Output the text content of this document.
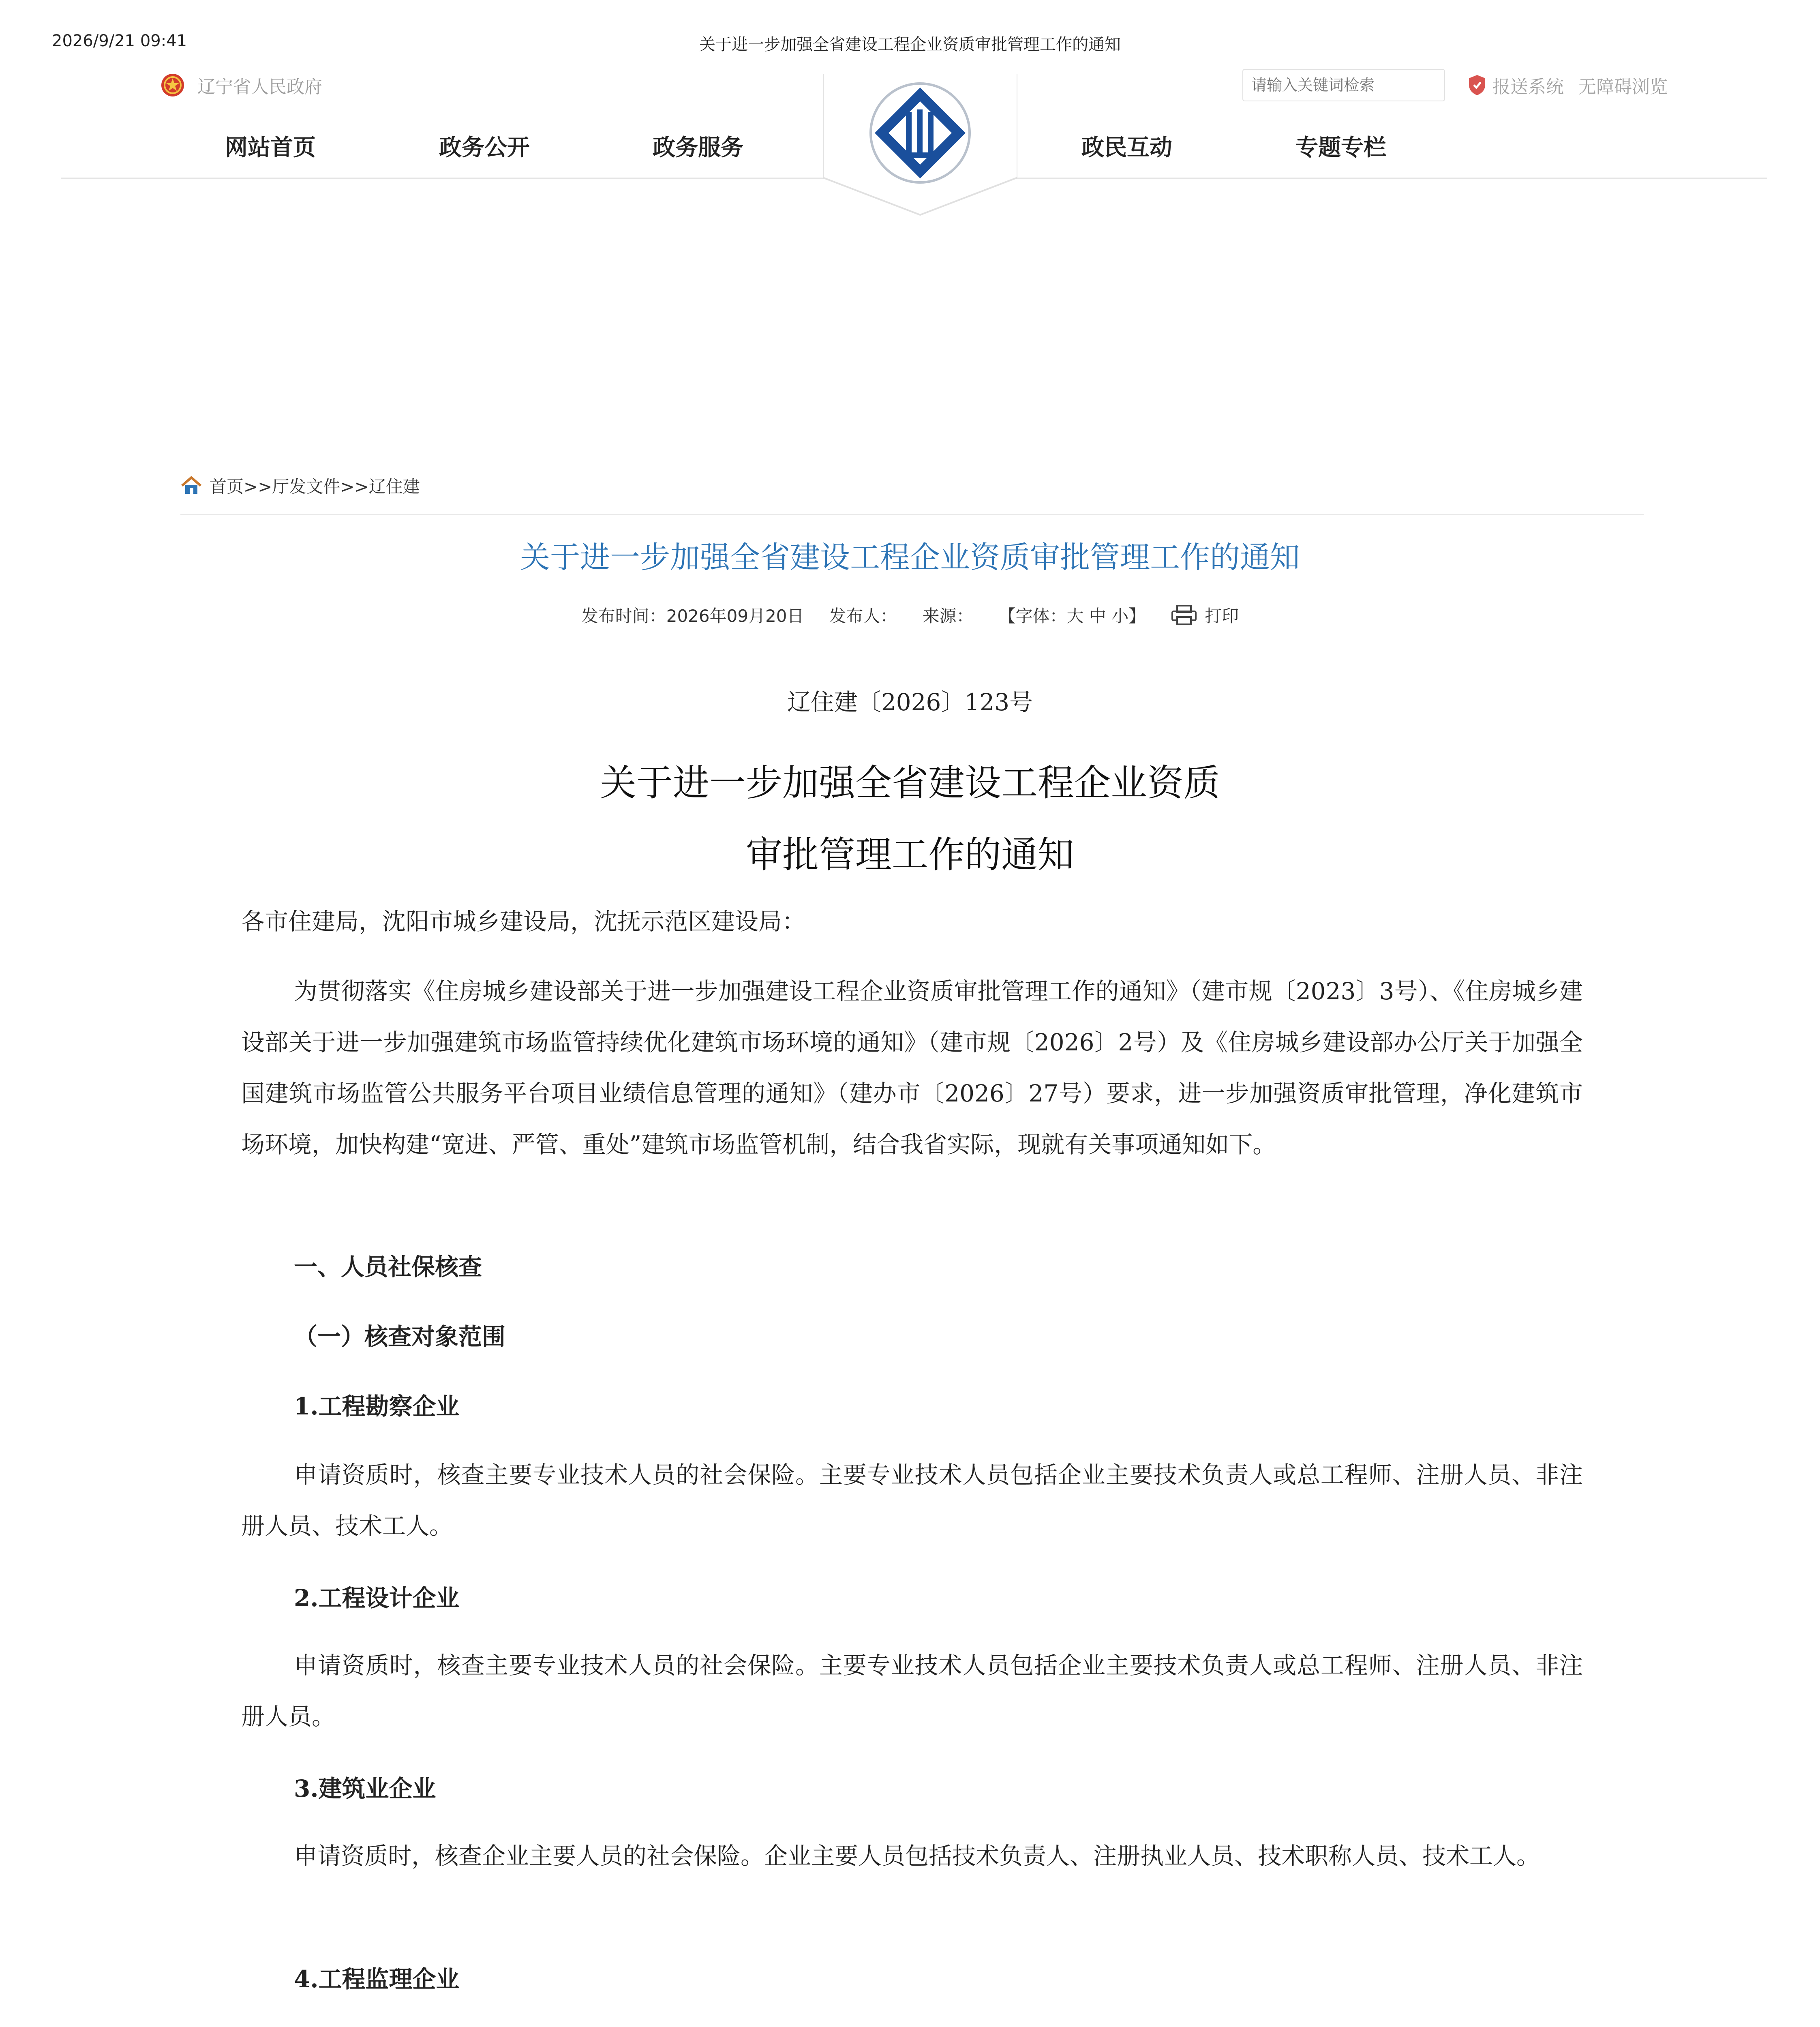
2026/9/21 09:41	关于进一步加强全省建设工程企业资质审批管理工作的通知
辽宁省人民政府
请输入关键词检索	报送系统 无障碍浏览
网站首页	政务公开	政务服务	政民互动	专题专栏
首页>>厅发文件>>辽住建
关于进一步加强全省建设工程企业资质审批管理工作的通知
发布时间：2026年09月20日 发布人： 来源： 【字体：大 中 小】	打印
辽住建〔2026〕123号
关于进一步加强全省建设工程企业资质
审批管理工作的通知
各市住建局，沈阳市城乡建设局，沈抚示范区建设局：
为贯彻落实《住房城乡建设部关于进一步加强建设工程企业资质审批管理工作的通知》（建市规〔2023〕3号）、《住房城乡建设部关于进一步加强建筑市场监管持续优化建筑市场环境的通知》（建市规〔2026〕2号）及《住房城乡建设部办公厅关于加强全国建筑市场监管公共服务平台项目业绩信息管理的通知》（建办市〔2026〕27号）要求，进一步加强资质审批管理，净化建筑市场环境，加快构建“宽进、严管、重处”建筑市场监管机制，结合我省实际，现就有关事项通知如下。
一、人员社保核查
（一）核查对象范围
1.工程勘察企业
申请资质时，核查主要专业技术人员的社会保险。主要专业技术人员包括企业主要技术负责人或总工程师、注册人员、非注册人员、技术工人。
2.工程设计企业
申请资质时，核查主要专业技术人员的社会保险。主要专业技术人员包括企业主要技术负责人或总工程师、注册人员、非注册人员。
3.建筑业企业
申请资质时，核查企业主要人员的社会保险。企业主要人员包括技术负责人、注册执业人员、技术职称人员、技术工人。
4.工程监理企业
